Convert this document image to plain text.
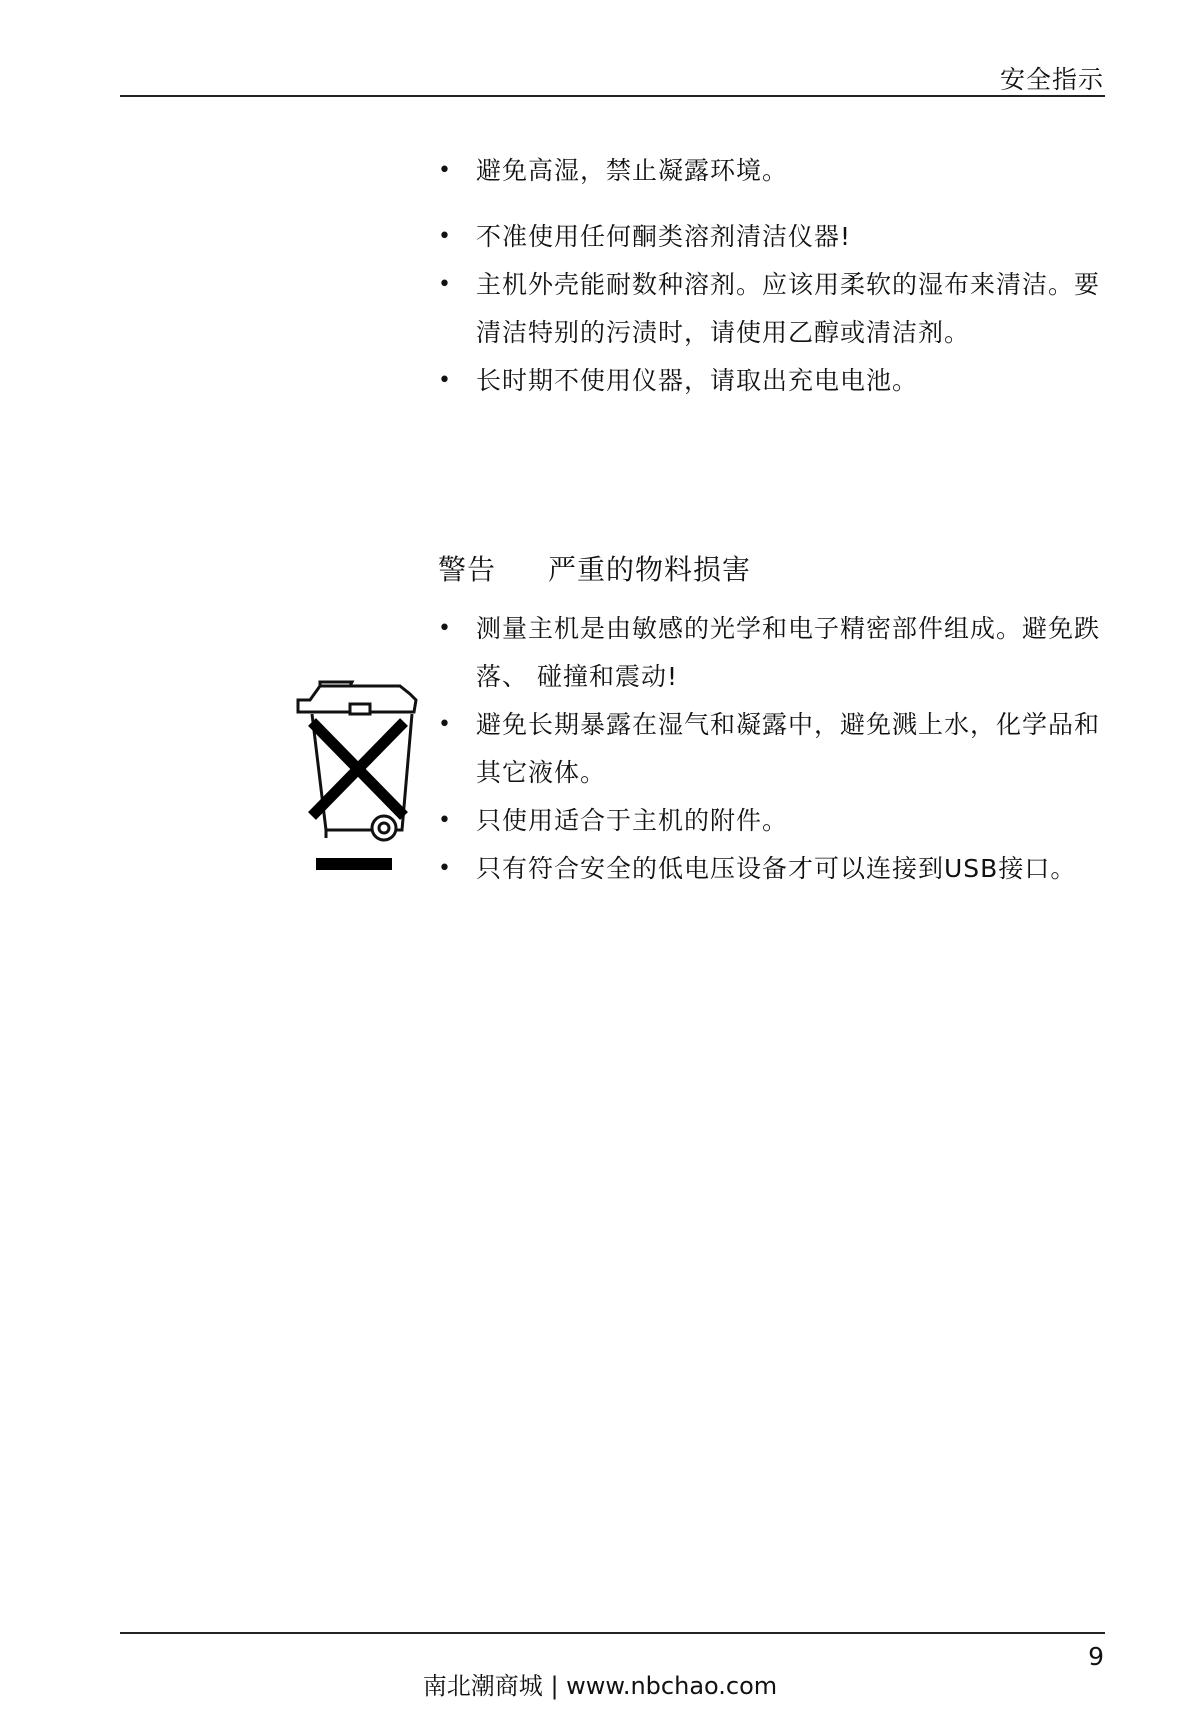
安全指示
• 避免高湿，禁止凝露环境。
• 不准使用任何酮类溶剂清洁仪器!
• 主机外壳能耐数种溶剂。应该用柔软的湿布来清洁。要清洁特别的污渍时，请使用乙醇或清洁剂。
• 长时期不使用仪器，请取出充电电池。
警告 严重的物料损害
• 测量主机是由敏感的光学和电子精密部件组成。避免跌落、 碰撞和震动!
• 避免长期暴露在湿气和凝露中，避免溅上水，化学品和其它液体。
• 只使用适合于主机的附件。
• 只有符合安全的低电压设备才可以连接到USB接口。
9
南北潮商城 | www.nbchao.com
